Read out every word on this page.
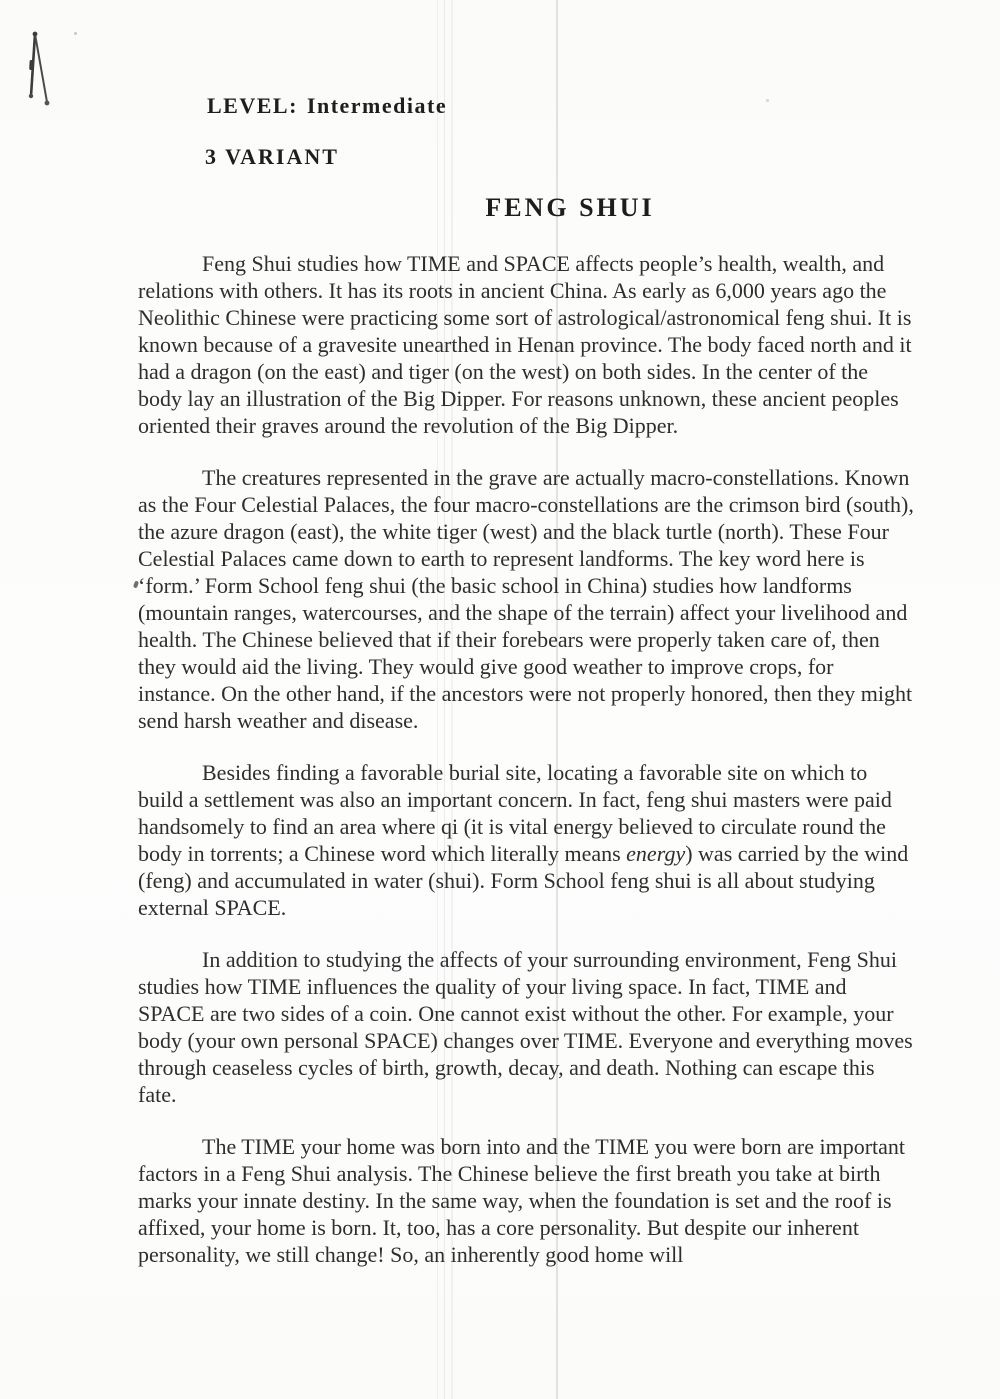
LEVEL: Intermediate
3 VARIANT
FENG SHUI

Feng Shui studies how TIME and SPACE affects people’s health, wealth, and relations with others. It has its roots in ancient China. As early as 6,000 years ago the Neolithic Chinese were practicing some sort of astrological/astronomical feng shui. It is known because of a gravesite unearthed in Henan province. The body faced north and it had a dragon (on the east) and tiger (on the west) on both sides. In the center of the body lay an illustration of the Big Dipper. For reasons unknown, these ancient peoples oriented their graves around the revolution of the Big Dipper.

The creatures represented in the grave are actually macro-constellations. Known as the Four Celestial Palaces, the four macro-constellations are the crimson bird (south), the azure dragon (east), the white tiger (west) and the black turtle (north). These Four Celestial Palaces came down to earth to represent landforms. The key word here is ‘form.’ Form School feng shui (the basic school in China) studies how landforms (mountain ranges, watercourses, and the shape of the terrain) affect your livelihood and health. The Chinese believed that if their forebears were properly taken care of, then they would aid the living. They would give good weather to improve crops, for instance. On the other hand, if the ancestors were not properly honored, then they might send harsh weather and disease.

Besides finding a favorable burial site, locating a favorable site on which to build a settlement was also an important concern. In fact, feng shui masters were paid handsomely to find an area where qi (it is vital energy believed to circulate round the body in torrents; a Chinese word which literally means energy) was carried by the wind (feng) and accumulated in water (shui). Form School feng shui is all about studying external SPACE.

In addition to studying the affects of your surrounding environment, Feng Shui studies how TIME influences the quality of your living space. In fact, TIME and SPACE are two sides of a coin. One cannot exist without the other. For example, your body (your own personal SPACE) changes over TIME. Everyone and everything moves through ceaseless cycles of birth, growth, decay, and death. Nothing can escape this fate.

The TIME your home was born into and the TIME you were born are important factors in a Feng Shui analysis. The Chinese believe the first breath you take at birth marks your innate destiny. In the same way, when the foundation is set and the roof is affixed, your home is born. It, too, has a core personality. But despite our inherent personality, we still change! So, an inherently good home will
